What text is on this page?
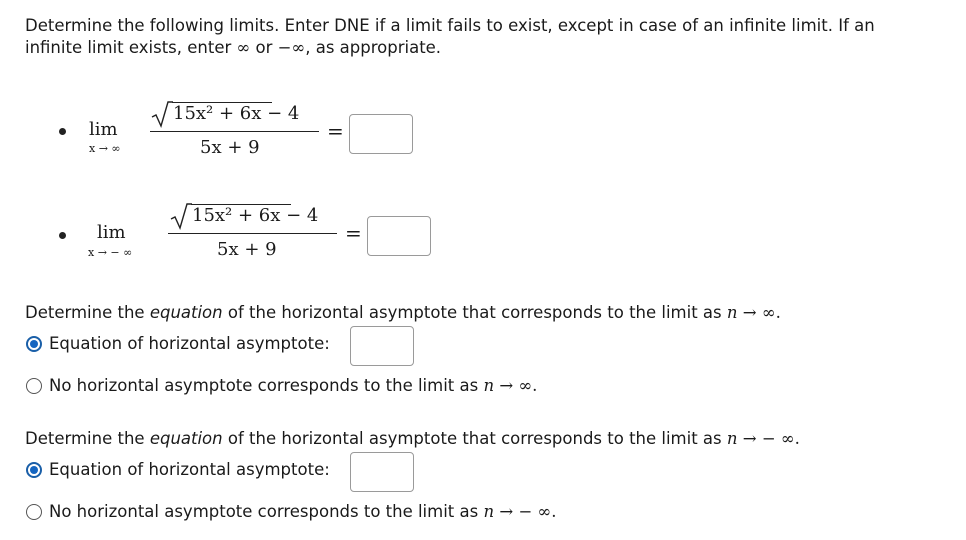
Determine the following limits. Enter DNE if a limit fails to exist, except in case of an infinite limit. If an
infinite limit exists, enter ∞ or −∞, as appropriate.
lim
x → ∞
15x² + 6x − 4
5x + 9
=
lim
x → − ∞
15x² + 6x − 4
5x + 9
=
Determine the equation of the horizontal asymptote that corresponds to the limit as n → ∞.
Equation of horizontal asymptote:
No horizontal asymptote corresponds to the limit as n → ∞.
Determine the equation of the horizontal asymptote that corresponds to the limit as n → − ∞.
Equation of horizontal asymptote:
No horizontal asymptote corresponds to the limit as n → − ∞.
